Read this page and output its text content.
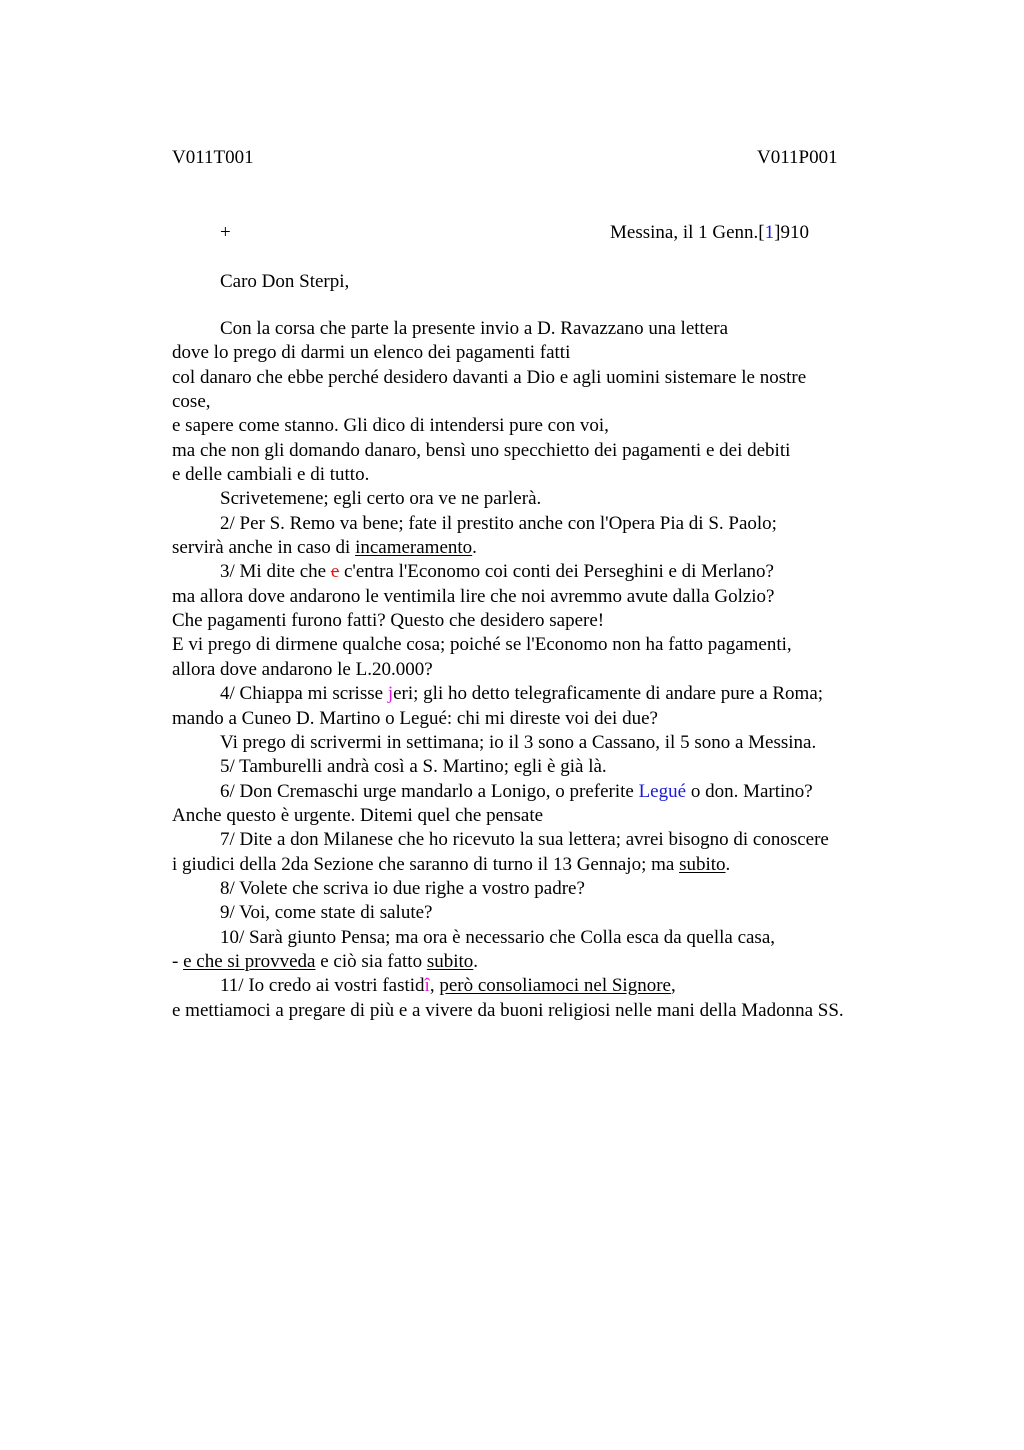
V011T001	V011P001
+	Messina, il 1 Genn.[1]910
Caro Don Sterpi,
Con la corsa che parte la presente invio a D. Ravazzano una lettera
dove lo prego di darmi un elenco dei pagamenti fatti
col danaro che ebbe perché desidero davanti a Dio e agli uomini sistemare le nostre
cose,
e sapere come stanno. Gli dico di intendersi pure con voi,
ma che non gli domando danaro, bensì uno specchietto dei pagamenti e dei debiti
e delle cambiali e di tutto.
Scrivetemene; egli certo ora ve ne parlerà.
2/ Per S. Remo va bene; fate il prestito anche con l'Opera Pia di S. Paolo;
servirà anche in caso di incameramento.
3/ Mi dite che e c'entra l'Economo coi conti dei Perseghini e di Merlano?
ma allora dove andarono le ventimila lire che noi avremmo avute dalla Golzio?
Che pagamenti furono fatti? Questo che desidero sapere!
E vi prego di dirmene qualche cosa; poiché se l'Economo non ha fatto pagamenti,
allora dove andarono le L.20.000?
4/ Chiappa mi scrisse jeri; gli ho detto telegraficamente di andare pure a Roma;
mando a Cuneo D. Martino o Legué: chi mi direste voi dei due?
Vi prego di scrivermi in settimana; io il 3 sono a Cassano, il 5 sono a Messina.
5/ Tamburelli andrà così a S. Martino; egli è già là.
6/ Don Cremaschi urge mandarlo a Lonigo, o preferite Legué o don. Martino?
Anche questo è urgente. Ditemi quel che pensate
7/ Dite a don Milanese che ho ricevuto la sua lettera; avrei bisogno di conoscere
i giudici della 2da Sezione che saranno di turno il 13 Gennajo; ma subito.
8/ Volete che scriva io due righe a vostro padre?
9/ Voi, come state di salute?
10/ Sarà giunto Pensa; ma ora è necessario che Colla esca da quella casa,
- e che si provveda e ciò sia fatto subito.
11/ Io credo ai vostri fastidî, però consoliamoci nel Signore,
e mettiamoci a pregare di più e a vivere da buoni religiosi nelle mani della Madonna SS.
